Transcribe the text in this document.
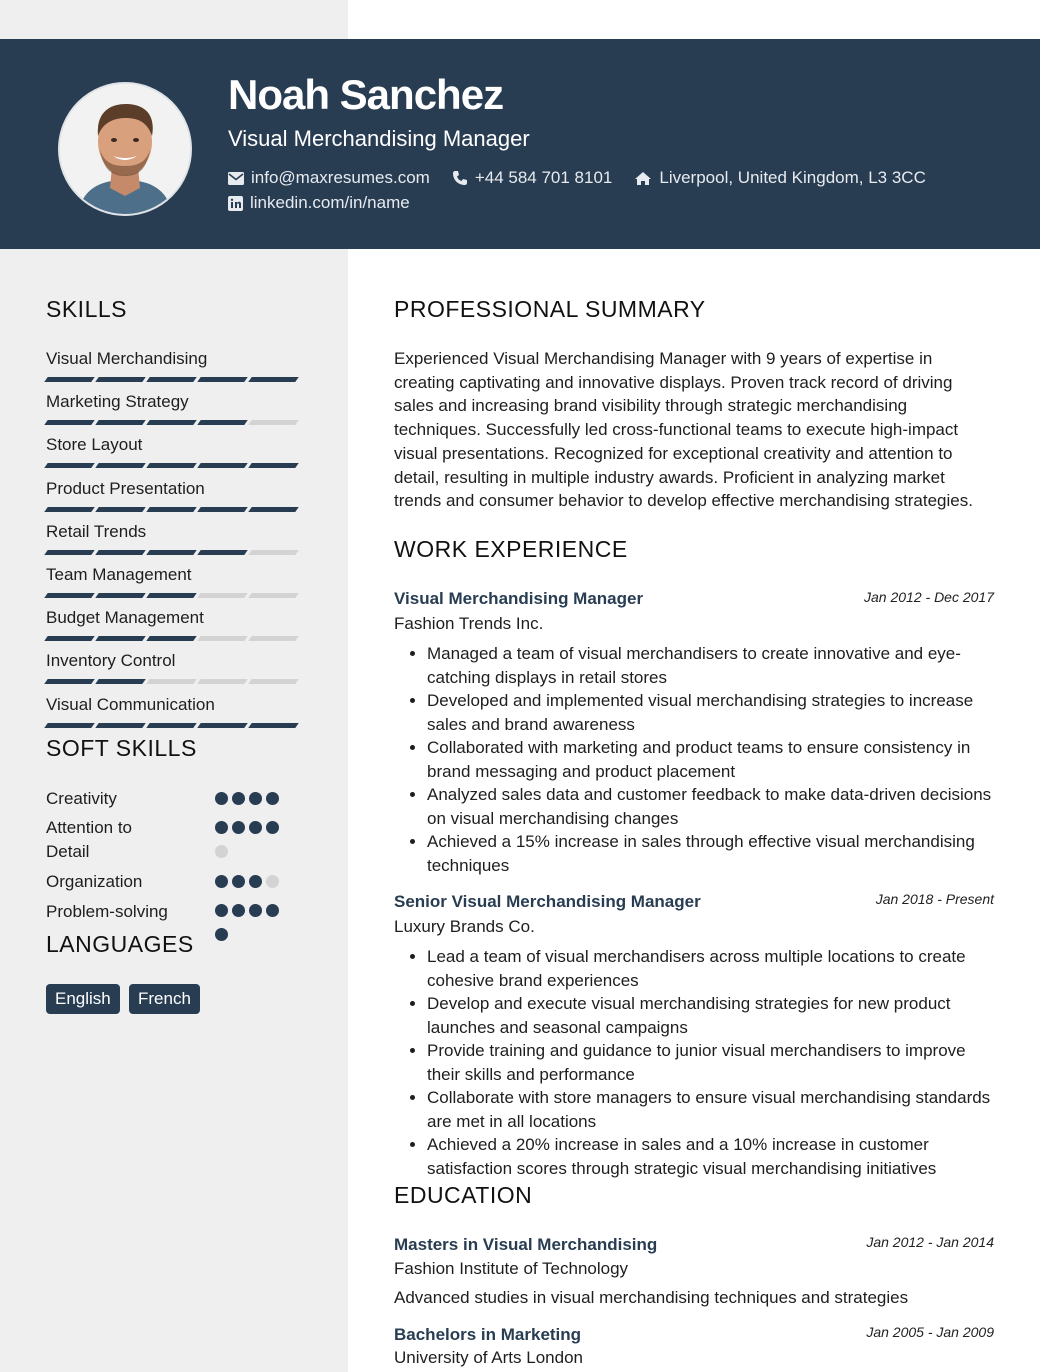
Noah Sanchez
Visual Merchandising Manager
info@maxresumes.com	+44 584 701 8101	Liverpool, United Kingdom, L3 3CC
linkedin.com/in/name
SKILLS
Visual Merchandising
Marketing Strategy
Store Layout
Product Presentation
Retail Trends
Team Management
Budget Management
Inventory Control
Visual Communication
SOFT SKILLS
Creativity
Attention to Detail
Organization
Problem-solving
LANGUAGES
English	French
PROFESSIONAL SUMMARY
Experienced Visual Merchandising Manager with 9 years of expertise in creating captivating and innovative displays. Proven track record of driving sales and increasing brand visibility through strategic merchandising techniques. Successfully led cross-functional teams to execute high-impact visual presentations. Recognized for exceptional creativity and attention to detail, resulting in multiple industry awards. Proficient in analyzing market trends and consumer behavior to develop effective merchandising strategies.
WORK EXPERIENCE
Visual Merchandising Manager	Jan 2012 - Dec 2017
Fashion Trends Inc.
• Managed a team of visual merchandisers to create innovative and eye-catching displays in retail stores
• Developed and implemented visual merchandising strategies to increase sales and brand awareness
• Collaborated with marketing and product teams to ensure consistency in brand messaging and product placement
• Analyzed sales data and customer feedback to make data-driven decisions on visual merchandising changes
• Achieved a 15% increase in sales through effective visual merchandising techniques
Senior Visual Merchandising Manager	Jan 2018 - Present
Luxury Brands Co.
• Lead a team of visual merchandisers across multiple locations to create cohesive brand experiences
• Develop and execute visual merchandising strategies for new product launches and seasonal campaigns
• Provide training and guidance to junior visual merchandisers to improve their skills and performance
• Collaborate with store managers to ensure visual merchandising standards are met in all locations
• Achieved a 20% increase in sales and a 10% increase in customer satisfaction scores through strategic visual merchandising initiatives
EDUCATION
Masters in Visual Merchandising	Jan 2012 - Jan 2014
Fashion Institute of Technology
Advanced studies in visual merchandising techniques and strategies
Bachelors in Marketing	Jan 2005 - Jan 2009
University of Arts London
